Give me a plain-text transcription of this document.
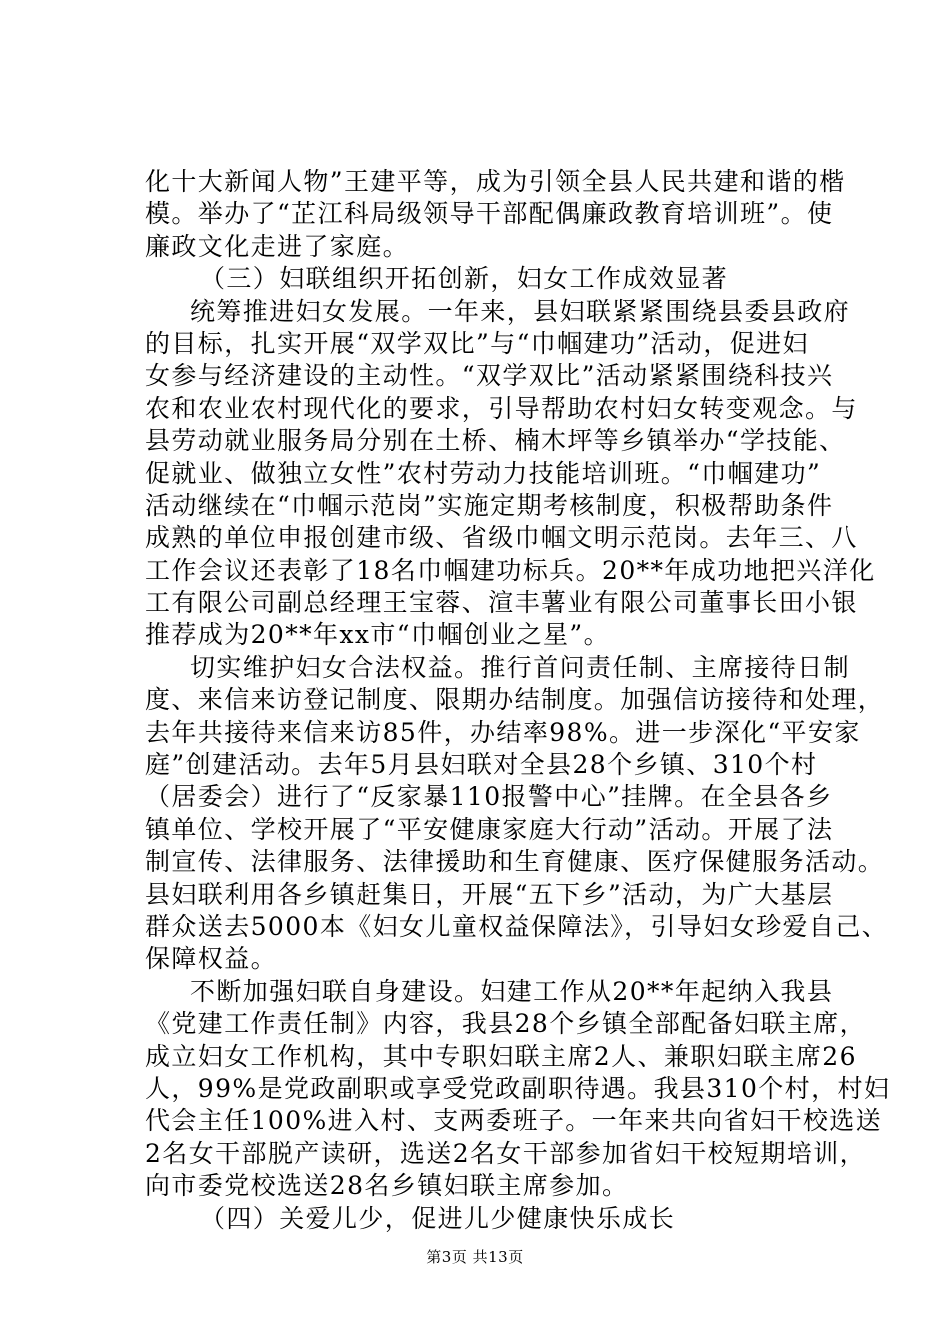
化十大新闻人物”王建平等，成为引领全县人民共建和谐的楷
模。举办了“芷江科局级领导干部配偶廉政教育培训班”。使
廉政文化走进了家庭。
（三）妇联组织开拓创新，妇女工作成效显著
统筹推进妇女发展。一年来，县妇联紧紧围绕县委县政府
的目标，扎实开展“双学双比”与“巾帼建功”活动，促进妇
女参与经济建设的主动性。“双学双比”活动紧紧围绕科技兴
农和农业农村现代化的要求，引导帮助农村妇女转变观念。与
县劳动就业服务局分别在土桥、楠木坪等乡镇举办“学技能、
促就业、做独立女性”农村劳动力技能培训班。“巾帼建功”
活动继续在“巾帼示范岗”实施定期考核制度，积极帮助条件
成熟的单位申报创建市级、省级巾帼文明示范岗。去年三、八
工作会议还表彰了18名巾帼建功标兵。20**年成功地把兴洋化
工有限公司副总经理王宝蓉、渲丰薯业有限公司董事长田小银
推荐成为20**年xx市“巾帼创业之星”。
切实维护妇女合法权益。推行首问责任制、主席接待日制
度、来信来访登记制度、限期办结制度。加强信访接待和处理，
去年共接待来信来访85件，办结率98%。进一步深化“平安家
庭”创建活动。去年5月县妇联对全县28个乡镇、310个村
（居委会）进行了“反家暴110报警中心”挂牌。在全县各乡
镇单位、学校开展了“平安健康家庭大行动”活动。开展了法
制宣传、法律服务、法律援助和生育健康、医疗保健服务活动。
县妇联利用各乡镇赶集日，开展“五下乡”活动，为广大基层
群众送去5000本《妇女儿童权益保障法》，引导妇女珍爱自己、
保障权益。
不断加强妇联自身建设。妇建工作从20**年起纳入我县
《党建工作责任制》内容，我县28个乡镇全部配备妇联主席，
成立妇女工作机构，其中专职妇联主席2人、兼职妇联主席26
人，99%是党政副职或享受党政副职待遇。我县310个村，村妇
代会主任100%进入村、支两委班子。一年来共向省妇干校选送
2名女干部脱产读研，选送2名女干部参加省妇干校短期培训，
向市委党校选送28名乡镇妇联主席参加。
（四）关爱儿少，促进儿少健康快乐成长
第3页 共13页
